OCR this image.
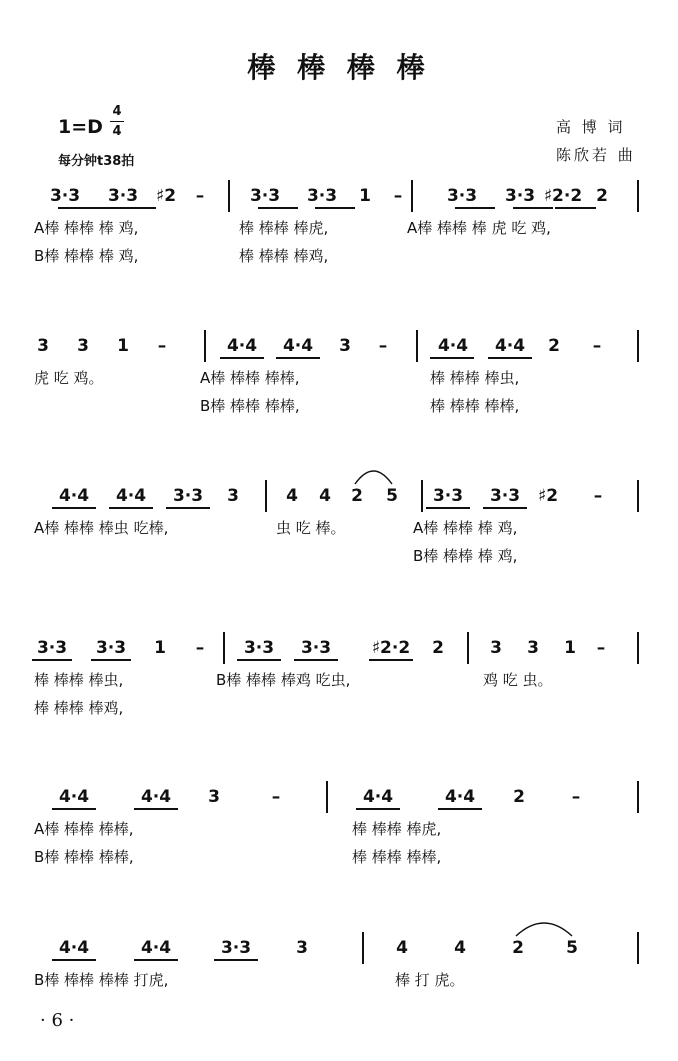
棒 棒 棒 棒
1=D
4
4
每分钟t38拍
高 博 词
陈欣若 曲
3·3 3·3 ♯2 –	3·3 3·3 1 –	3·3 3·3 ♯2·2 2
A棒 棒棒 棒 鸡,	棒 棒棒 棒虎,	A棒 棒棒 棒 虎 吃 鸡,
B棒 棒棒 棒 鸡,	棒 棒棒 棒鸡,
3 3 1 –	4·4 4·4 3 –	4·4 4·4 2 –
虎 吃 鸡。	A棒 棒棒 棒棒,	棒 棒棒 棒虫,
B棒 棒棒 棒棒,	棒 棒棒 棒棒,
4·4 4·4 3·3 3	4 4 2 5 3·3 3·3 ♯2 –
A棒 棒棒 棒虫 吃棒,	虫 吃 棒。	A棒 棒棒 棒 鸡,
B棒 棒棒 棒 鸡,
3·3 3·3 1 – 3·3 3·3 ♯2·2 2	3 3 1 –
棒 棒棒 棒虫,	B棒 棒棒 棒鸡 吃虫,	鸡 吃 虫。
棒 棒棒 棒鸡,
4·4	4·4 3	–	4·4	4·4 2	–
A棒 棒棒 棒棒,	棒 棒棒 棒虎,
B棒 棒棒 棒棒,	棒 棒棒 棒棒,
4·4	4·4	3·3	3	4	4	2 5
B棒 棒棒 棒棒 打虎,	棒 打 虎。
· 6 ·
